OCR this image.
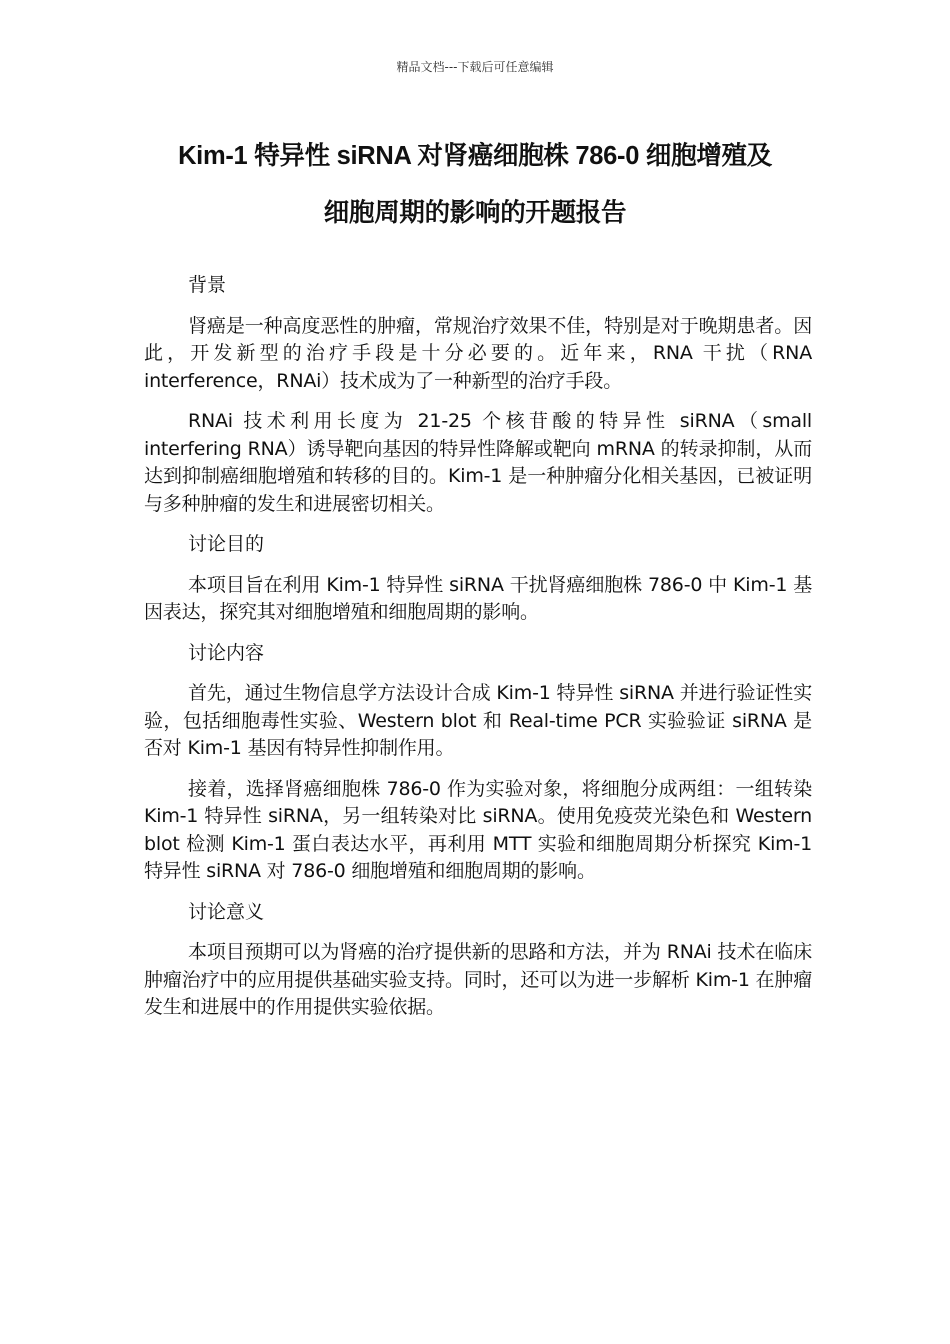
精品文档---下载后可任意编辑
Kim-1 特异性 siRNA 对肾癌细胞株 786-0 细胞增殖及
细胞周期的影响的开题报告

背景

肾癌是一种高度恶性的肿瘤，常规治疗效果不佳，特别是对于晚期患者。因此，开发新型的治疗手段是十分必要的。近年来，RNA 干扰（RNA interference，RNAi）技术成为了一种新型的治疗手段。

RNAi 技术利用长度为 21-25 个核苷酸的特异性 siRNA（small interfering RNA）诱导靶向基因的特异性降解或靶向 mRNA 的转录抑制，从而达到抑制癌细胞增殖和转移的目的。Kim-1 是一种肿瘤分化相关基因，已被证明与多种肿瘤的发生和进展密切相关。

讨论目的

本项目旨在利用 Kim-1 特异性 siRNA 干扰肾癌细胞株 786-0 中 Kim-1 基因表达，探究其对细胞增殖和细胞周期的影响。

讨论内容

首先，通过生物信息学方法设计合成 Kim-1 特异性 siRNA 并进行验证性实验，包括细胞毒性实验、Western blot 和 Real-time PCR 实验验证 siRNA 是否对 Kim-1 基因有特异性抑制作用。

接着，选择肾癌细胞株 786-0 作为实验对象，将细胞分成两组：一组转染 Kim-1 特异性 siRNA，另一组转染对比 siRNA。使用免疫荧光染色和 Western blot 检测 Kim-1 蛋白表达水平，再利用 MTT 实验和细胞周期分析探究 Kim-1 特异性 siRNA 对 786-0 细胞增殖和细胞周期的影响。

讨论意义

本项目预期可以为肾癌的治疗提供新的思路和方法，并为 RNAi 技术在临床肿瘤治疗中的应用提供基础实验支持。同时，还可以为进一步解析 Kim-1 在肿瘤发生和进展中的作用提供实验依据。
